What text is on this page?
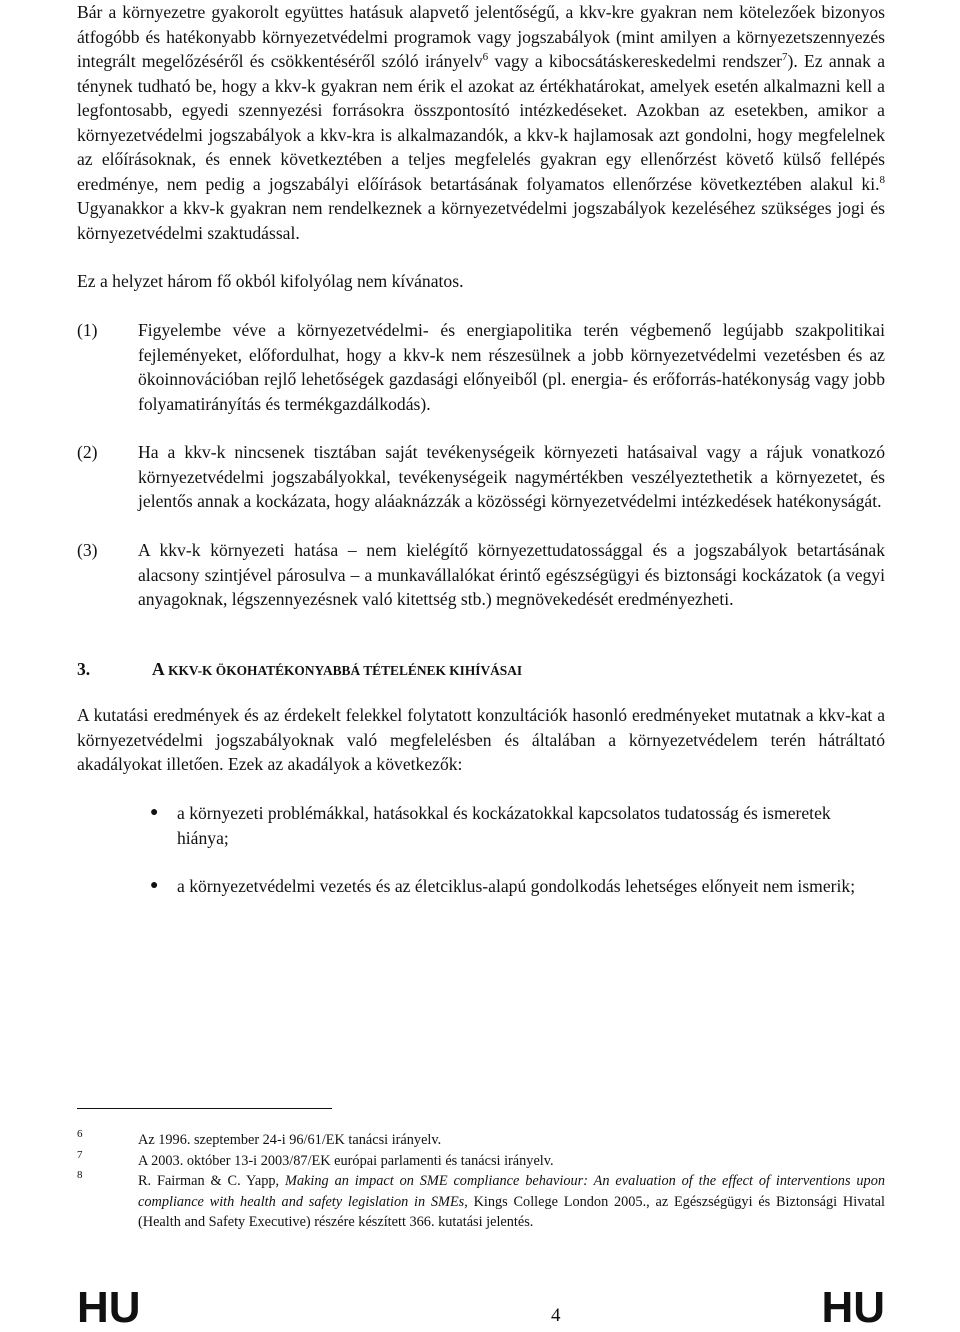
Bár a környezetre gyakorolt együttes hatásuk alapvető jelentőségű, a kkv-kre gyakran nem kötelezőek bizonyos átfogóbb és hatékonyabb környezetvédelmi programok vagy jogszabályok (mint amilyen a környezetszennyezés integrált megelőzéséről és csökkentéséről szóló irányelv$^6$ vagy a kibocsátáskereskedelmi rendszer$^7$). Ez annak a ténynek tudható be, hogy a kkv-k gyakran nem érik el azokat az értékhatárokat, amelyek esetén alkalmazni kell a legfontosabb, egyedi szennyezési forrásokra összpontosító intézkedéseket. Azokban az esetekben, amikor a környezetvédelmi jogszabályok a kkv-kra is alkalmazandók, a kkv-k hajlamosak azt gondolni, hogy megfelelnek az előírásoknak, és ennek következtében a teljes megfelelés gyakran egy ellenőrzést követő külső fellépés eredménye, nem pedig a jogszabályi előírások betartásának folyamatos ellenőrzése következtében alakul ki.$^8$ Ugyanakkor a kkv-k gyakran nem rendelkeznek a környezetvédelmi jogszabályok kezeléséhez szükséges jogi és környezetvédelmi szaktudással.

Ez a helyzet három fő okból kifolyólag nem kívánatos.

(1) Figyelembe véve a környezetvédelmi- és energiapolitika terén végbemenő legújabb szakpolitikai fejleményeket, előfordulhat, hogy a kkv-k nem részesülnek a jobb környezetvédelmi vezetésben és az ökoinnovációban rejlő lehetőségek gazdasági előnyeiből (pl. energia- és erőforrás-hatékonyság vagy jobb folyamatirányítás és termékgazdálkodás).

(2) Ha a kkv-k nincsenek tisztában saját tevékenységeik környezeti hatásaival vagy a rájuk vonatkozó környezetvédelmi jogszabályokkal, tevékenységeik nagymértékben veszélyeztethetik a környezetet, és jelentős annak a kockázata, hogy aláaknázzák a közösségi környezetvédelmi intézkedések hatékonyságát.

(3) A kkv-k környezeti hatása – nem kielégítő környezettudatossággal és a jogszabályok betartásának alacsony szintjével párosulva – a munkavállalókat érintő egészségügyi és biztonsági kockázatok (a vegyi anyagoknak, légszennyezésnek való kitettség stb.) megnövekedését eredményezheti.

3.	A KKV-K ÖKOHATÉKONYABBÁ TÉTELÉNEK KIHÍVÁSAI

A kutatási eredmények és az érdekelt felekkel folytatott konzultációk hasonló eredményeket mutatnak a kkv-kat a környezetvédelmi jogszabályoknak való megfelelésben és általában a környezetvédelem terén hátráltató akadályokat illetően. Ezek az akadályok a következők:

● a környezeti problémákkal, hatásokkal és kockázatokkal kapcsolatos tudatosság és ismeretek hiánya;

● a környezetvédelmi vezetés és az életciklus-alapú gondolkodás lehetséges előnyeit nem ismerik;

6	Az 1996. szeptember 24-i 96/61/EK tanácsi irányelv.

7	A 2003. október 13-i 2003/87/EK európai parlamenti és tanácsi irányelv.

8	R. Fairman & C. Yapp, Making an impact on SME compliance behaviour: An evaluation of the effect of interventions upon compliance with health and safety legislation in SMEs, Kings College London 2005., az Egészségügyi és Biztonsági Hivatal (Health and Safety Executive) részére készített 366. kutatási jelentés.

HU	4	HU
